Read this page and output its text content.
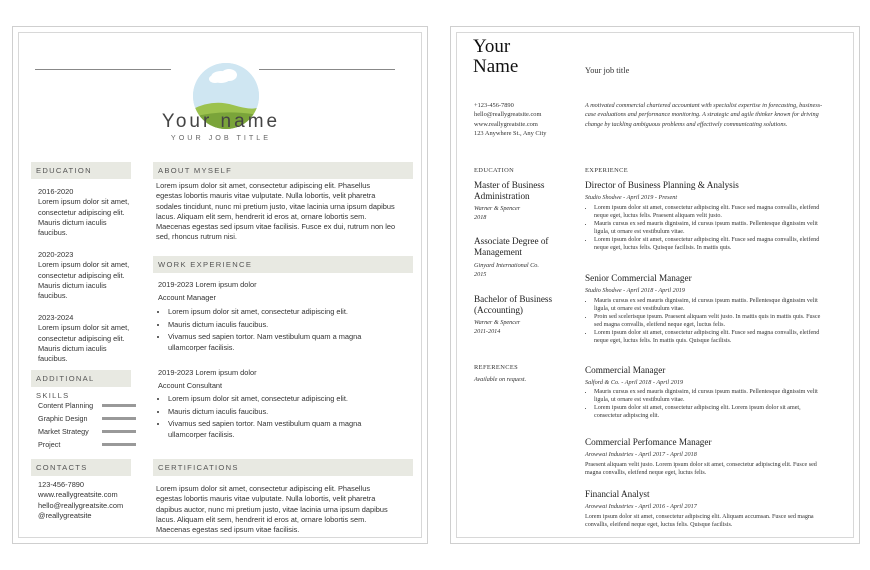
Your name
YOUR JOB TITLE
EDUCATION

2016-2020

Lorem ipsum dolor sit amet, consectetur adipiscing elit. Mauris dictum iaculis faucibus.

2020-2023

Lorem ipsum dolor sit amet, consectetur adipiscing elit. Mauris dictum iaculis faucibus.

2023-2024

Lorem ipsum dolor sit amet, consectetur adipiscing elit. Mauris dictum iaculis faucibus.

ADDITIONAL SKILLS
Content Planning
Graphic Design
Market Strategy
Project
CONTACTS

123-456-7890

www.reallygreatsite.com

hello@reallygreatsite.com

@reallygreatsite

ABOUT MYSELF
Lorem ipsum dolor sit amet, consectetur adipiscing elit. Phasellus egestas lobortis mauris vitae vulputate. Nulla lobortis, velit pharetra sodales tincidunt, nunc mi pretium justo, vitae lacinia urna ipsum dapibus lacus. Aliquam elit sem, hendrerit id eros at, ornare lobortis sem. Maecenas egestas sed ipsum vitae facilisis. Fusce ex dui, rutrum non leo sed, rhoncus rutrum nisi.
WORK EXPERIENCE

2019-2023 Lorem ipsum dolor

Account Manager

• Lorem ipsum dolor sit amet, consectetur adipiscing elit.
• Mauris dictum iaculis faucibus.
• Vivamus sed sapien tortor. Nam vestibulum quam a magna ullamcorper facilisis.

2019-2023 Lorem ipsum dolor

Account Consultant

• Lorem ipsum dolor sit amet, consectetur adipiscing elit.
• Mauris dictum iaculis faucibus.
• Vivamus sed sapien tortor. Nam vestibulum quam a magna ullamcorper facilisis.
CERTIFICATIONS
Lorem ipsum dolor sit amet, consectetur adipiscing elit. Phasellus egestas lobortis mauris vitae vulputate. Nulla lobortis, velit pharetra dapibus auctor, nunc mi pretium justo, vitae lacinia urna ipsum dapibus lacus. Aliquam elit sem, hendrerit id eros at, ornare lobortis sem. Maecenas egestas sed ipsum vitae facilisis.
Your
Name	Your job title
+123-456-7890
hello@reallygreatsite.com
www.reallygreatsite.com
123 Anywhere St., Any City
A motivated commercial chartered accountant with specialist expertise in forecasting, business-case evaluations and performance monitoring. A strategic and agile thinker known for driving change by tackling ambiguous problems and effectively communicating solutions.
EDUCATION
Master of Business Administration
Warner & Spencer
2018
Associate Degree of Management
Ginyard International Co.
2015
Bachelor of Business (Accounting)
Warner & Spencer
2011-2014
REFERENCES
Available on request.
EXPERIENCE
Director of Business Planning & Analysis
Studio Shodwe - April 2019 - Present
• Lorem ipsum dolor sit amet, consectetur adipiscing elit. Fusce sed magna convallis, eleifend neque eget, luctus felis. Praesent aliquam velit justo.
• Mauris cursus ex sed mauris dignissim, id cursus ipsum mattis. Pellentesque dignissim velit ligula, ut ornare est vestibulum vitae.
• Lorem ipsum dolor sit amet, consectetur adipiscing elit. Fusce sed magna convallis, eleifend neque eget, luctus felis. Quisque facilisis. In mattis quis.
Senior Commercial Manager
Studio Shodwe - April 2018 - April 2019
• Mauris cursus ex sed mauris dignissim, id cursus ipsum mattis. Pellentesque dignissim velit ligula, ut ornare est vestibulum vitae.
• Proin sed scelerisque ipsum. Praesent aliquam velit justo. In mattis quis in mattis quis. Fusce sed magna convallis, eleifend neque eget, luctus felis.
• Lorem ipsum dolor sit amet, consectetur adipiscing elit. Fusce sed magna convallis, eleifend neque eget, luctus felis. In mattis quis. Quisque facilisis.
Commercial Manager
Salford & Co. - April 2018 - April 2019
• Mauris cursus ex sed mauris dignissim, id cursus ipsum mattis. Pellentesque dignissim velit ligula, ut ornare est vestibulum vitae.
• Lorem ipsum dolor sit amet, consectetur adipiscing elit. Lorem ipsum dolor sit amet, consectetur adipiscing elit.
Commercial Perfomance Manager
Arowwai Industries - April 2017 - April 2018
Praesent aliquam velit justo. Lorem ipsum dolor sit amet, consectetur adipiscing elit. Fusce sed magna convallis, eleifend neque eget, luctus felis.
Financial Analyst
Arowwai Industries - April 2016 - April 2017
Lorem ipsum dolor sit amet, consectetur adipiscing elit. Aliquam accumsan. Fusce sed magna convallis, eleifend neque eget, luctus felis. Quisque facilisis.
